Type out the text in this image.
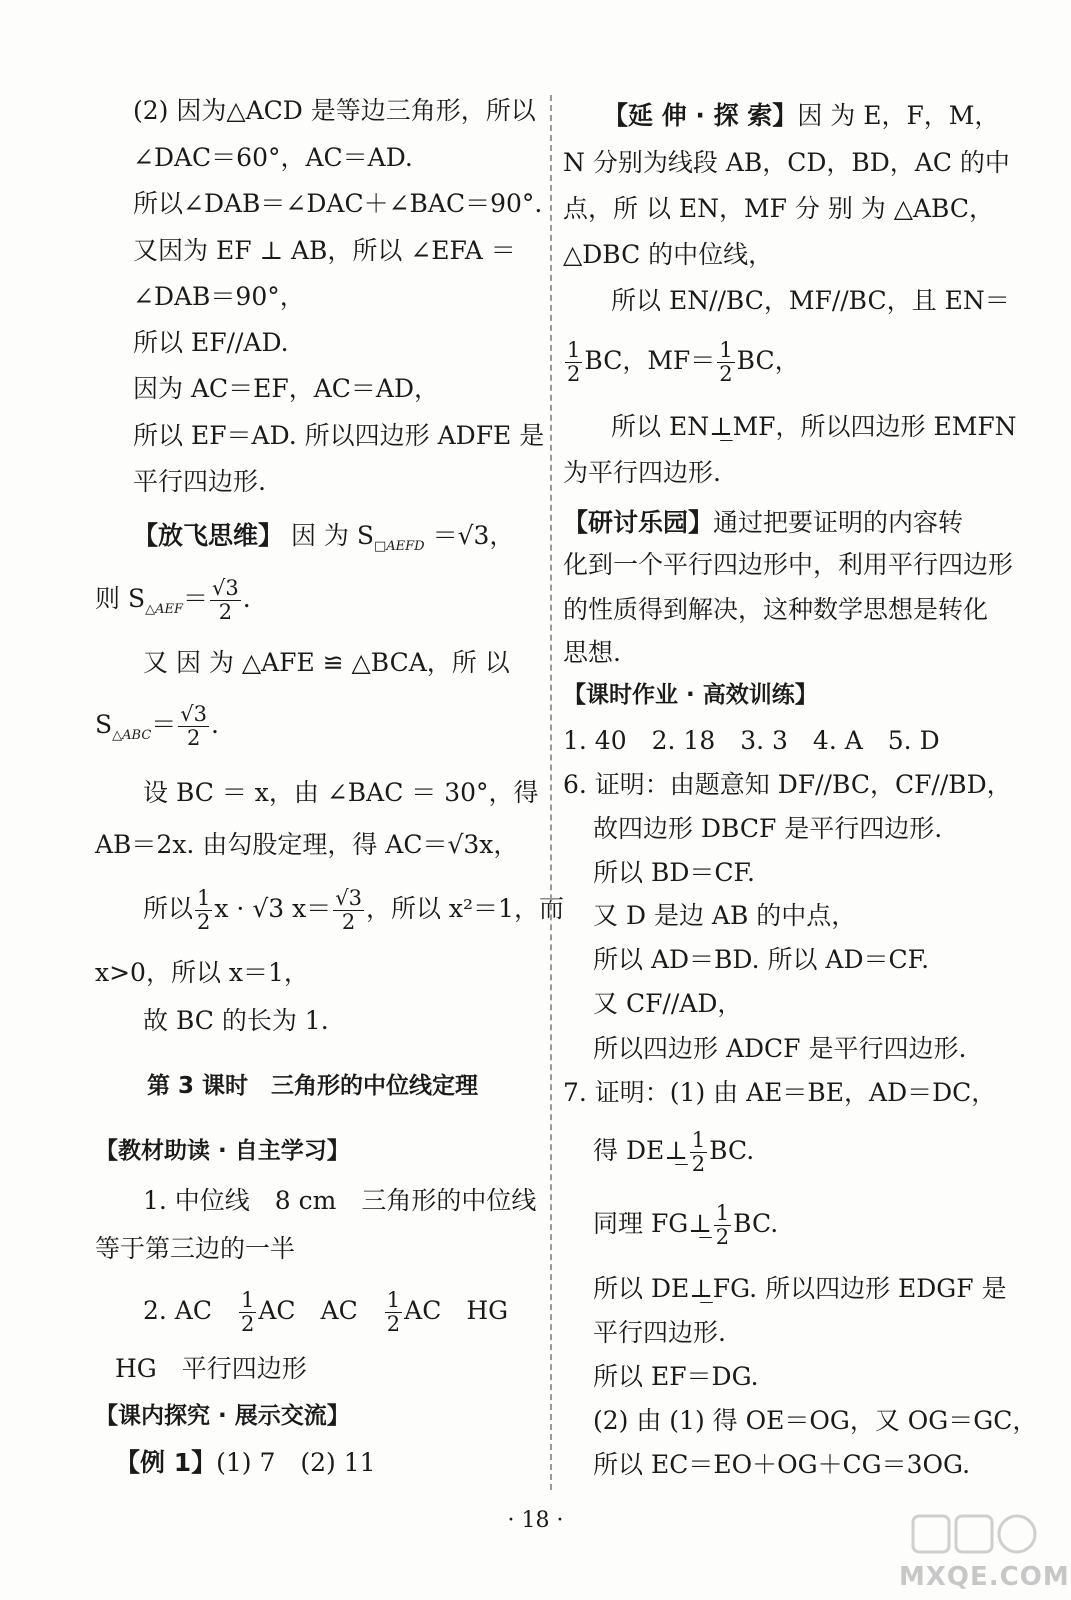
(2) 因为△ACD 是等边三角形，所以
∠DAC＝60°，AC＝AD.
所以∠DAB＝∠DAC＋∠BAC＝90°.
又因为 EF ⊥ AB，所以 ∠EFA ＝
∠DAB＝90°，
所以 EF//AD.
因为 AC＝EF，AC＝AD，
所以 EF＝AD. 所以四边形 ADFE 是
平行四边形.
【放飞思维】 因 为 $S_{□AEFD} =√3$，
则 $S_{\triangle AEF}= \frac{√3}{2}$ .
又 因 为 △AFE ≌ △BCA，所 以
$S_{\triangle ABC}= \frac{√3}{2}$ .
设 BC ＝ x，由 ∠BAC ＝ 30°，得
AB＝2x. 由勾股定理，得 AC＝√3x，
所以 $\frac{1}{2}$ x · √3 $x= \frac{√3}{2}$ ，所以 x²＝1，而
x>0，所以 x＝1，
故 BC 的长为 1.
第 3 课时　三角形的中位线定理
【教材助读 · 自主学习】
1. 中位线　8 cm　三角形的中位线
等于第三边的一半
2. AC　 $\frac{1}{2}$ AC　AC　 $\frac{1}{2}$ AC　HG
HG　平行四边形
【课内探究 · 展示交流】
【例 1】(1) 7　(2) 11
【延 伸 · 探 索】因 为 E，F，M，
N 分别为线段 AB，CD，BD，AC 的中
点，所 以 EN，MF 分 别 为 △ABC，
△DBC 的中位线，
所以 EN//BC，MF//BC，且 EN＝
$\frac{1}{2}$ BC，$MF= \frac{1}{2}$ BC，
所以 EN⊥̲MF，所以四边形 EMFN
为平行四边形.
【研讨乐园】通过把要证明的内容转
化到一个平行四边形中，利用平行四边形
的性质得到解决，这种数学思想是转化
思想.
【课时作业 · 高效训练】
1. 40　2. 18　3. 3　4. A　5. D
6. 证明：由题意知 DF//BC，CF//BD，
故四边形 DBCF 是平行四边形.
所以 BD＝CF.
又 D 是边 AB 的中点，
所以 AD＝BD. 所以 AD＝CF.
又 CF//AD，
所以四边形 ADCF 是平行四边形.
7. 证明：(1) 由 AE＝BE，AD＝DC，
得 DE⊥̲ $\frac{1}{2}$ BC.
同理 FG⊥̲ $\frac{1}{2}$ BC.
所以 DE⊥̲FG. 所以四边形 EDGF 是
平行四边形.
所以 EF＝DG.
(2) 由 (1) 得 OE＝OG，又 OG＝GC，
所以 EC＝EO＋OG＋CG＝3OG.
· 18 ·
MXQE.COM
